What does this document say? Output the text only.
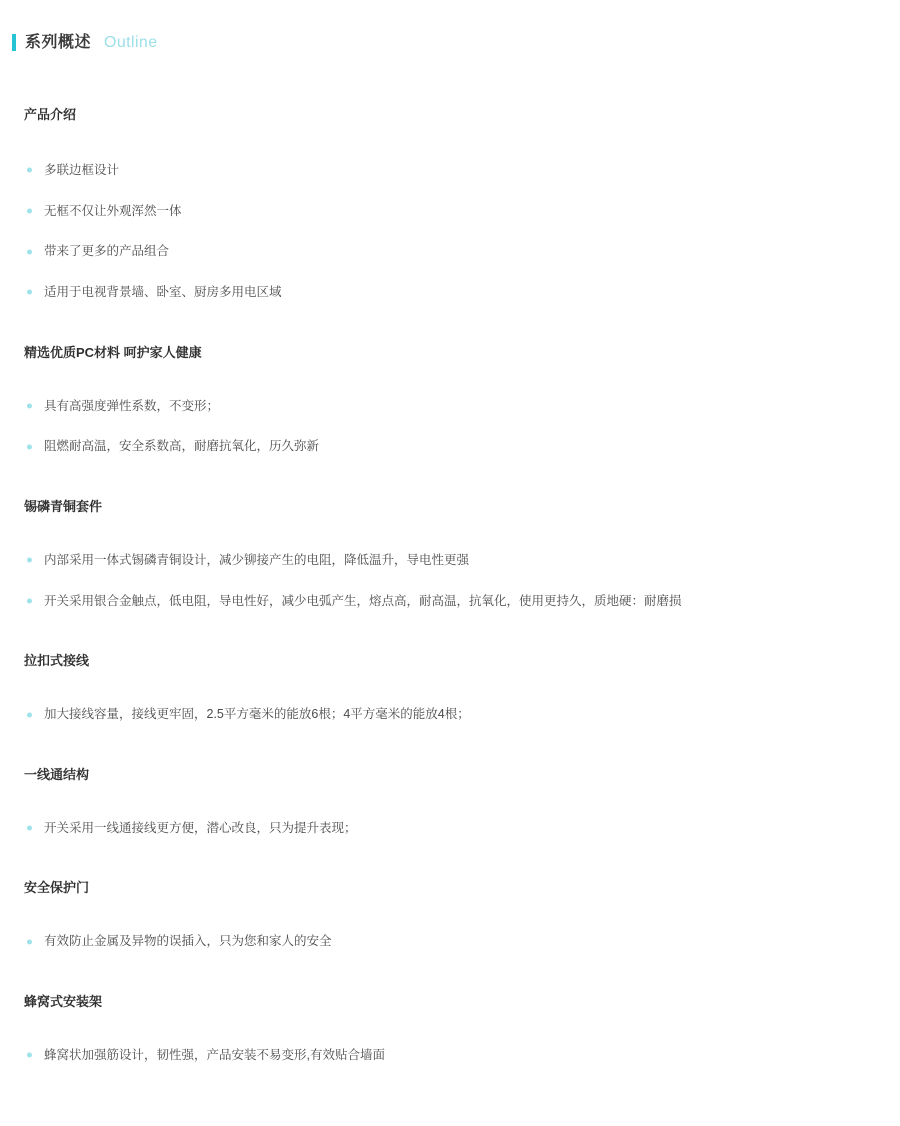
系列概述 Outline
产品介绍
多联边框设计
无框不仅让外观浑然一体
带来了更多的产品组合
适用于电视背景墙、卧室、厨房多用电区域
精选优质PC材料 呵护家人健康
具有高强度弹性系数，不变形；
阻燃耐高温，安全系数高，耐磨抗氧化，历久弥新
锡磷青铜套件
内部采用一体式锡磷青铜设计，减少铆接产生的电阻，降低温升，导电性更强
开关采用银合金触点，低电阻，导电性好，减少电弧产生，熔点高，耐高温，抗氧化，使用更持久，质地硬：耐磨损
拉扣式接线
加大接线容量，接线更牢固，2.5平方毫米的能放6根；4平方毫米的能放4根；
一线通结构
开关采用一线通接线更方便，潜心改良，只为提升表现；
安全保护门
有效防止金属及异物的误插入，只为您和家人的安全
蜂窝式安装架
蜂窝状加强筋设计，韧性强，产品安装不易变形,有效贴合墙面
